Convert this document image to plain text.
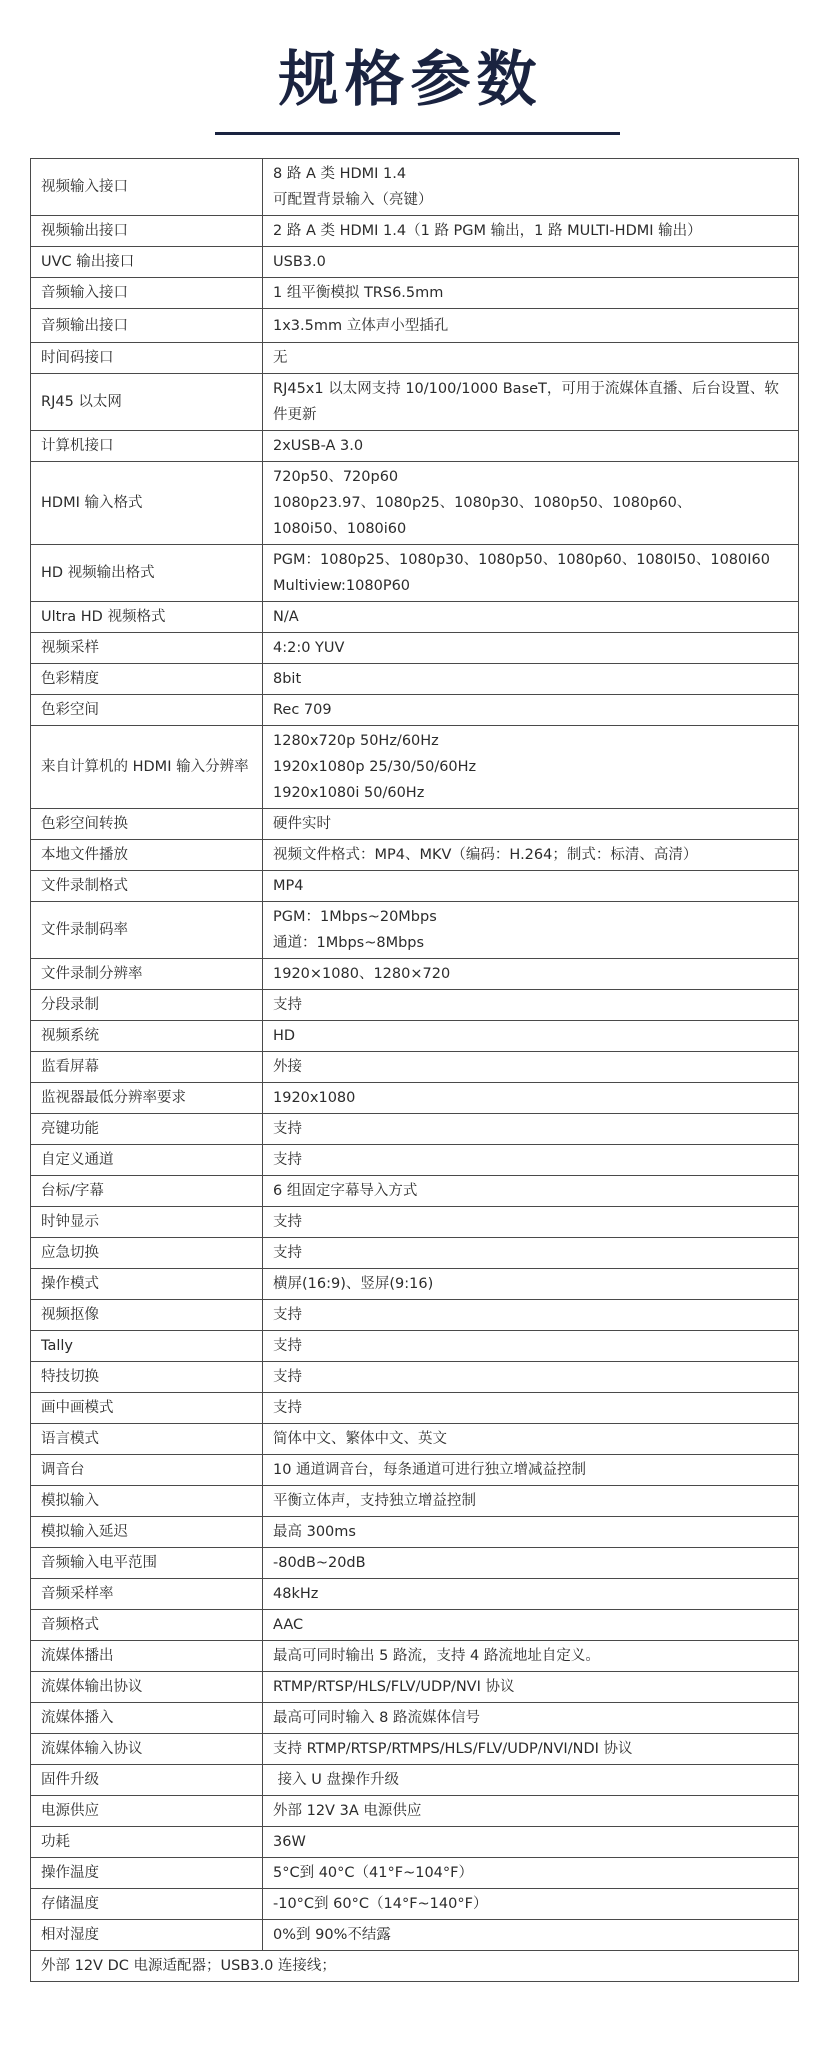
规格参数
视频输入接口	8 路 A 类 HDMI 1.4
可配置背景输入（亮键）

视频输出接口	2 路 A 类 HDMI 1.4（1 路 PGM 输出，1 路 MULTI-HDMI 输出）

UVC 输出接口	USB3.0

音频输入接口	1 组平衡模拟 TRS6.5mm

音频输出接口	1x3.5mm 立体声小型插孔

时间码接口	无

RJ45 以太网	RJ45x1 以太网支持 10/100/1000 BaseT，可用于流媒体直播、后台设置、软件更新

计算机接口	2xUSB-A 3.0

HDMI 输入格式	720p50、720p60
1080p23.97、1080p25、1080p30、1080p50、1080p60、
1080i50、1080i60

HD 视频输出格式	PGM：1080p25、1080p30、1080p50、1080p60、1080I50、1080I60
Multiview:1080P60

Ultra HD 视频格式	N/A

视频采样	4:2:0 YUV

色彩精度	8bit

色彩空间	Rec 709

来自计算机的 HDMI 输入分辨率	1280x720p 50Hz/60Hz
1920x1080p 25/30/50/60Hz
1920x1080i 50/60Hz

色彩空间转换	硬件实时

本地文件播放	视频文件格式：MP4、MKV（编码：H.264；制式：标清、高清）

文件录制格式	MP4

文件录制码率	PGM：1Mbps~20Mbps
通道：1Mbps~8Mbps

文件录制分辨率	1920×1080、1280×720

分段录制	支持

视频系统	HD

监看屏幕	外接

监视器最低分辨率要求	1920x1080

亮键功能	支持

自定义通道	支持

台标/字幕	6 组固定字幕导入方式

时钟显示	支持

应急切换	支持

操作模式	横屏(16:9)、竖屏(9:16)

视频抠像	支持

Tally	支持

特技切换	支持

画中画模式	支持

语言模式	简体中文、繁体中文、英文

调音台	10 通道调音台，每条通道可进行独立增减益控制

模拟输入	平衡立体声，支持独立增益控制

模拟输入延迟	最高 300ms

音频输入电平范围	-80dB~20dB

音频采样率	48kHz

音频格式	AAC

流媒体播出	最高可同时输出 5 路流，支持 4 路流地址自定义。

流媒体输出协议	RTMP/RTSP/HLS/FLV/UDP/NVI 协议

流媒体播入	最高可同时输入 8 路流媒体信号

流媒体输入协议	支持 RTMP/RTSP/RTMPS/HLS/FLV/UDP/NVI/NDI 协议

固件升级	接入 U 盘操作升级

电源供应	外部 12V 3A 电源供应

功耗	36W

操作温度	5°C到 40°C（41°F~104°F）

存储温度	-10°C到 60°C（14°F~140°F）

相对湿度	0%到 90%不结露

外部 12V DC 电源适配器；USB3.0 连接线；	
